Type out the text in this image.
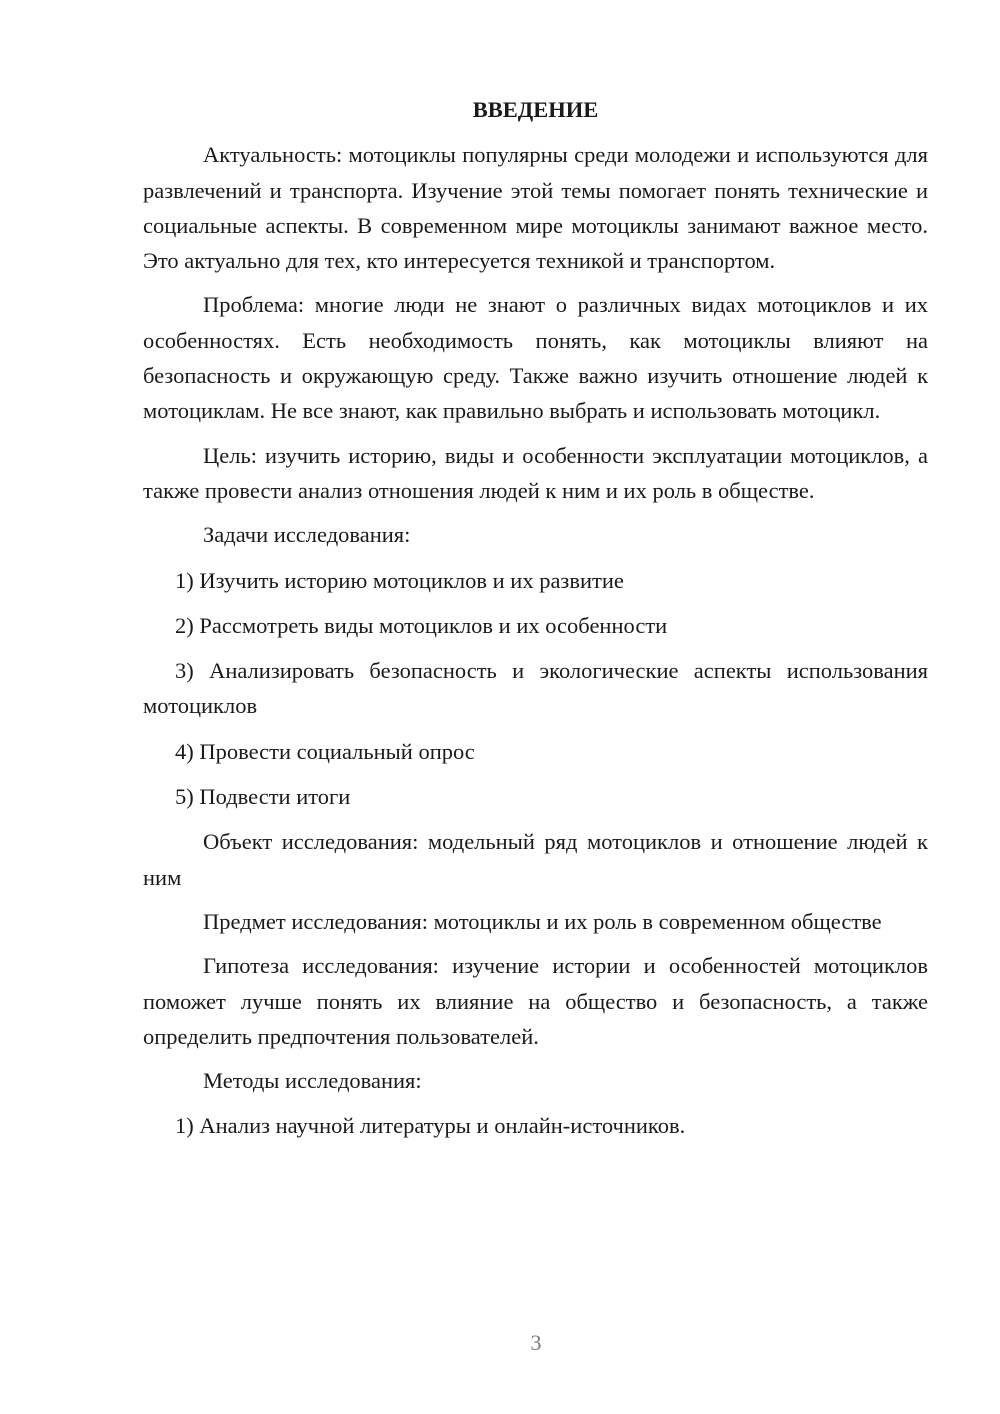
ВВЕДЕНИЕ

Актуальность: мотоциклы популярны среди молодежи и используются для развлечений и транспорта. Изучение этой темы помогает понять технические и социальные аспекты. В современном мире мотоциклы занимают важное место. Это актуально для тех, кто интересуется техникой и транспортом.

Проблема: многие люди не знают о различных видах мотоциклов и их особенностях. Есть необходимость понять, как мотоциклы влияют на безопасность и окружающую среду. Также важно изучить отношение людей к мотоциклам. Не все знают, как правильно выбрать и использовать мотоцикл.

Цель: изучить историю, виды и особенности эксплуатации мотоциклов, а также провести анализ отношения людей к ним и их роль в обществе.

Задачи исследования:

1) Изучить историю мотоциклов и их развитие

2) Рассмотреть виды мотоциклов и их особенности

3) Анализировать безопасность и экологические аспекты использования мотоциклов

4) Провести социальный опрос

5) Подвести итоги

Объект исследования: модельный ряд мотоциклов и отношение людей к ним

Предмет исследования: мотоциклы и их роль в современном обществе

Гипотеза исследования: изучение истории и особенностей мотоциклов поможет лучше понять их влияние на общество и безопасность, а также определить предпочтения пользователей.

Методы исследования:

1) Анализ научной литературы и онлайн-источников.

3
